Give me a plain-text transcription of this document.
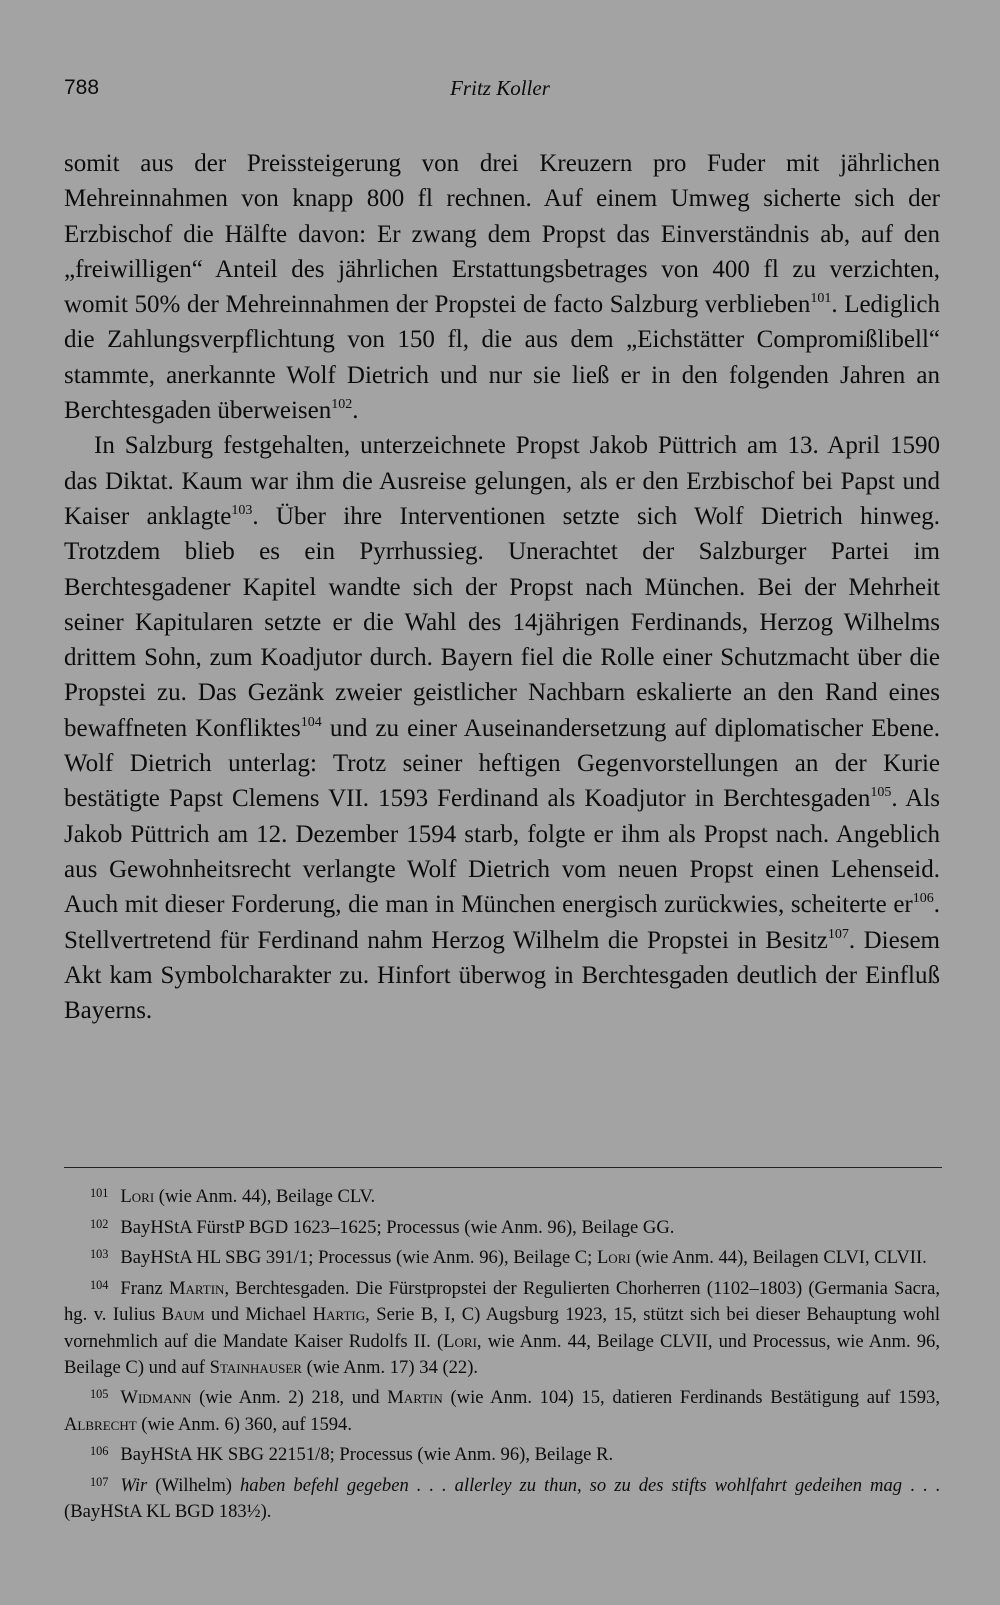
788	Fritz Koller

somit aus der Preissteigerung von drei Kreuzern pro Fuder mit jährlichen Mehreinnahmen von knapp 800 fl rechnen. Auf einem Umweg sicherte sich der Erzbischof die Hälfte davon: Er zwang dem Propst das Einverständnis ab, auf den „freiwilligen“ Anteil des jährlichen Erstattungsbetrages von 400 fl zu verzichten, womit 50% der Mehreinnahmen der Propstei de facto Salzburg verblieben$^{101}$. Lediglich die Zahlungsverpflichtung von 150 fl, die aus dem „Eichstätter Compromißlibell“ stammte, anerkannte Wolf Dietrich und nur sie ließ er in den folgenden Jahren an Berchtesgaden überweisen$^{102}$.

In Salzburg festgehalten, unterzeichnete Propst Jakob Püttrich am 13. April 1590 das Diktat. Kaum war ihm die Ausreise gelungen, als er den Erzbischof bei Papst und Kaiser anklagte$^{103}$. Über ihre Interventionen setzte sich Wolf Dietrich hinweg. Trotzdem blieb es ein Pyrrhussieg. Unerachtet der Salzburger Partei im Berchtesgadener Kapitel wandte sich der Propst nach München. Bei der Mehrheit seiner Kapitularen setzte er die Wahl des 14jährigen Ferdinands, Herzog Wilhelms drittem Sohn, zum Koadjutor durch. Bayern fiel die Rolle einer Schutzmacht über die Propstei zu. Das Gezänk zweier geistlicher Nachbarn eskalierte an den Rand eines bewaffneten Konfliktes$^{104}$ und zu einer Auseinandersetzung auf diplomatischer Ebene. Wolf Dietrich unterlag: Trotz seiner heftigen Gegenvorstellungen an der Kurie bestätigte Papst Clemens VII. 1593 Ferdinand als Koadjutor in Berchtesgaden$^{105}$. Als Jakob Püttrich am 12. Dezember 1594 starb, folgte er ihm als Propst nach. Angeblich aus Gewohnheitsrecht verlangte Wolf Dietrich vom neuen Propst einen Lehenseid. Auch mit dieser Forderung, die man in München energisch zurückwies, scheiterte $er^{106}$. Stellvertretend für Ferdinand nahm Herzog Wilhelm die Propstei in Besitz$^{107}$. Diesem Akt kam Symbolcharakter zu. Hinfort überwog in Berchtesgaden deutlich der Einfluß Bayerns.

$^{101}$ Lori (wie Anm. 44), Beilage CLV.

$^{102}$ BayHStA FürstP BGD 1623–1625; Processus (wie Anm. 96), Beilage GG.

$^{103}$ BayHStA HL SBG 391/1; Processus (wie Anm. 96), Beilage C; Lori (wie Anm. 44), Beilagen CLVI, CLVII.

$^{104}$ Franz Martin, Berchtesgaden. Die Fürstpropstei der Regulierten Chorherren (1102–1803) (Germania Sacra, hg. v. Iulius Baum und Michael Hartig, Serie B, I, C) Augsburg 1923, 15, stützt sich bei dieser Behauptung wohl vornehmlich auf die Mandate Kaiser Rudolfs II. (Lori, wie Anm. 44, Beilage CLVII, und Processus, wie Anm. 96, Beilage C) und auf Stainhauser (wie Anm. 17) 34 (22).

$^{105}$ Widmann (wie Anm. 2) 218, und Martin (wie Anm. 104) 15, datieren Ferdinands Bestätigung auf 1593, Albrecht (wie Anm. 6) 360, auf 1594.

$^{106}$ BayHStA HK SBG 22151/8; Processus (wie Anm. 96), Beilage R.

$^{107}$ Wir (Wilhelm) haben befehl gegeben . . . allerley zu thun, so zu des stifts wohlfahrt gedeihen mag . . . (BayHStA KL BGD 183½).
